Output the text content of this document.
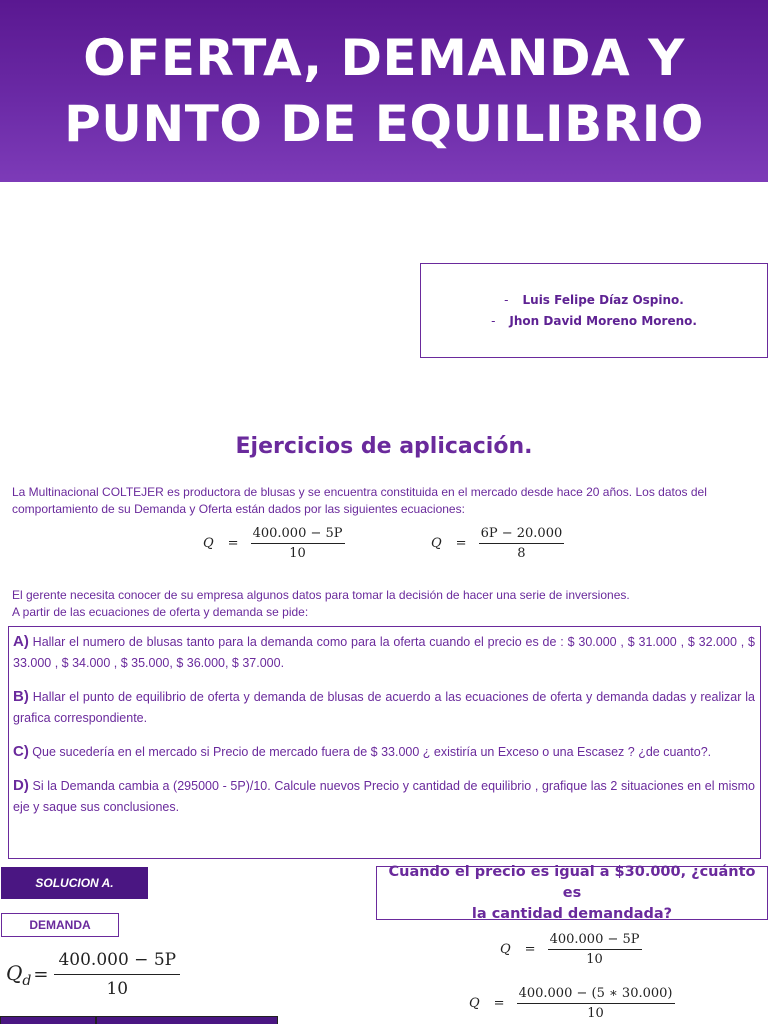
OFERTA, DEMANDA Y
PUNTO DE EQUILIBRIO
- Luis Felipe Díaz Ospino.
- Jhon David Moreno Moreno.
Ejercicios de aplicación.
La Multinacional COLTEJER es productora de blusas y se encuentra constituida en el mercado desde hace 20 años. Los datos del comportamiento de su Demanda y Oferta están dados por las siguientes ecuaciones:
$Q = \frac{400.000 - 5P}{10}$	$Q = \frac{6P - 20.000}{8}$
El gerente necesita conocer de su empresa algunos datos para tomar la decisión de hacer una serie de inversiones.
A partir de las ecuaciones de oferta y demanda se pide:
A) Hallar el numero de blusas tanto para la demanda como para la oferta cuando el precio es de : $ 30.000 , $ 31.000 , $ 32.000 , $ 33.000 , $ 34.000 , $ 35.000, $ 36.000, $ 37.000.
B) Hallar el punto de equilibrio de oferta y demanda de blusas de acuerdo a las ecuaciones de oferta y demanda dadas y realizar la grafica correspondiente.
C) Que sucedería en el mercado si Precio de mercado fuera de $ 33.000 ¿ existiría un Exceso o una Escasez ? ¿de cuanto?.
D) Si la Demanda cambia a (295000 - 5P)/10. Calcule nuevos Precio y cantidad de equilibrio , grafique las 2 situaciones en el mismo eje y saque sus conclusiones.
SOLUCION A.
DEMANDA
Cuando el precio es igual a $30.000, ¿cuánto es
la cantidad demandada?
$Q_d = \frac{400.000 - 5P}{10}$
$Q = \frac{400.000 - 5P}{10}$
$Q = \frac{400.000 - (5 ∗ 30.000)}{10}$
